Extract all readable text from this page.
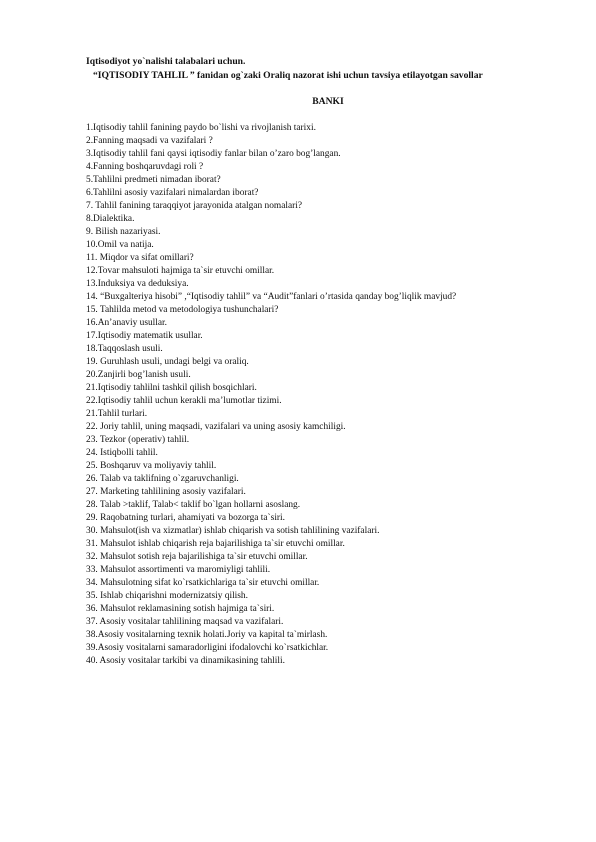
Iqtisodiyot yo`nalishi talabalari uchun.
“IQTISODIY TAHLIL ” fanidan og`zaki Oraliq nazorat ishi uchun tavsiya etilayotgan savollar
BANKI
1.Iqtisodiy tahlil fanining paydo bo`lishi va rivojlanish tarixi.
2.Fanning maqsadi va vazifalari ?
3.Iqtisodiy tahlil fani qaysi iqtisodiy fanlar bilan o’zaro bog’langan.
4.Fanning boshqaruvdagi roli ?
5.Tahlilni predmeti nimadan iborat?
6.Tahlilni asosiy vazifalari nimalardan iborat?
7. Tahlil fanining taraqqiyot jarayonida atalgan nomalari?
8.Dialektika.
9. Bilish nazariyasi.
10.Omil va natija.
11. Miqdor va sifat omillari?
12.Tovar mahsuloti hajmiga ta`sir etuvchi omillar.
13.Induksiya va deduksiya.
14. “Buxgalteriya hisobi” ,“Iqtisodiy tahlil” va “Audit”fanlari o’rtasida qanday bog’liqlik mavjud?
15. Tahlilda metod va metodologiya tushunchalari?
16.An’anaviy usullar.
17.Iqtisodiy matematik usullar.
18.Taqqoslash usuli.
19. Guruhlash usuli, undagi belgi va oraliq.
20.Zanjirli bog’lanish usuli.
21.Iqtisodiy tahlilni tashkil qilish bosqichlari.
22.Iqtisodiy tahlil uchun kerakli ma’lumotlar tizimi.
21.Tahlil turlari.
22. Joriy tahlil, uning maqsadi, vazifalari va uning asosiy kamchiligi.
23. Tezkor (operativ) tahlil.
24. Istiqbolli tahlil.
25. Boshqaruv va moliyaviy tahlil.
26. Talab va taklifning o`zgaruvchanligi.
27. Marketing tahlilining asosiy vazifalari.
28. Talab >taklif, Talab< taklif bo`lgan hollarni asoslang.
29. Raqobatning turlari, ahamiyati va bozorga ta`siri.
30. Mahsulot(ish va xizmatlar) ishlab chiqarish va sotish tahlilining vazifalari.
31. Mahsulot ishlab chiqarish reja bajarilishiga ta`sir etuvchi omillar.
32. Mahsulot sotish reja bajarilishiga ta`sir etuvchi omillar.
33. Mahsulot assortimenti va maromiyligi tahlili.
34. Mahsulotning sifat ko`rsatkichlariga ta`sir etuvchi omillar.
35. Ishlab chiqarishni modernizatsiy qilish.
36. Mahsulot reklamasining sotish hajmiga ta`siri.
37. Asosiy vositalar tahlilining maqsad va vazifalari.
38.Asosiy vositalarning texnik holati.Joriy va kapital ta`mirlash.
39.Asosiy vositalarni samaradorligini ifodalovchi ko`rsatkichlar.
40. Asosiy vositalar tarkibi va dinamikasining tahlili.
